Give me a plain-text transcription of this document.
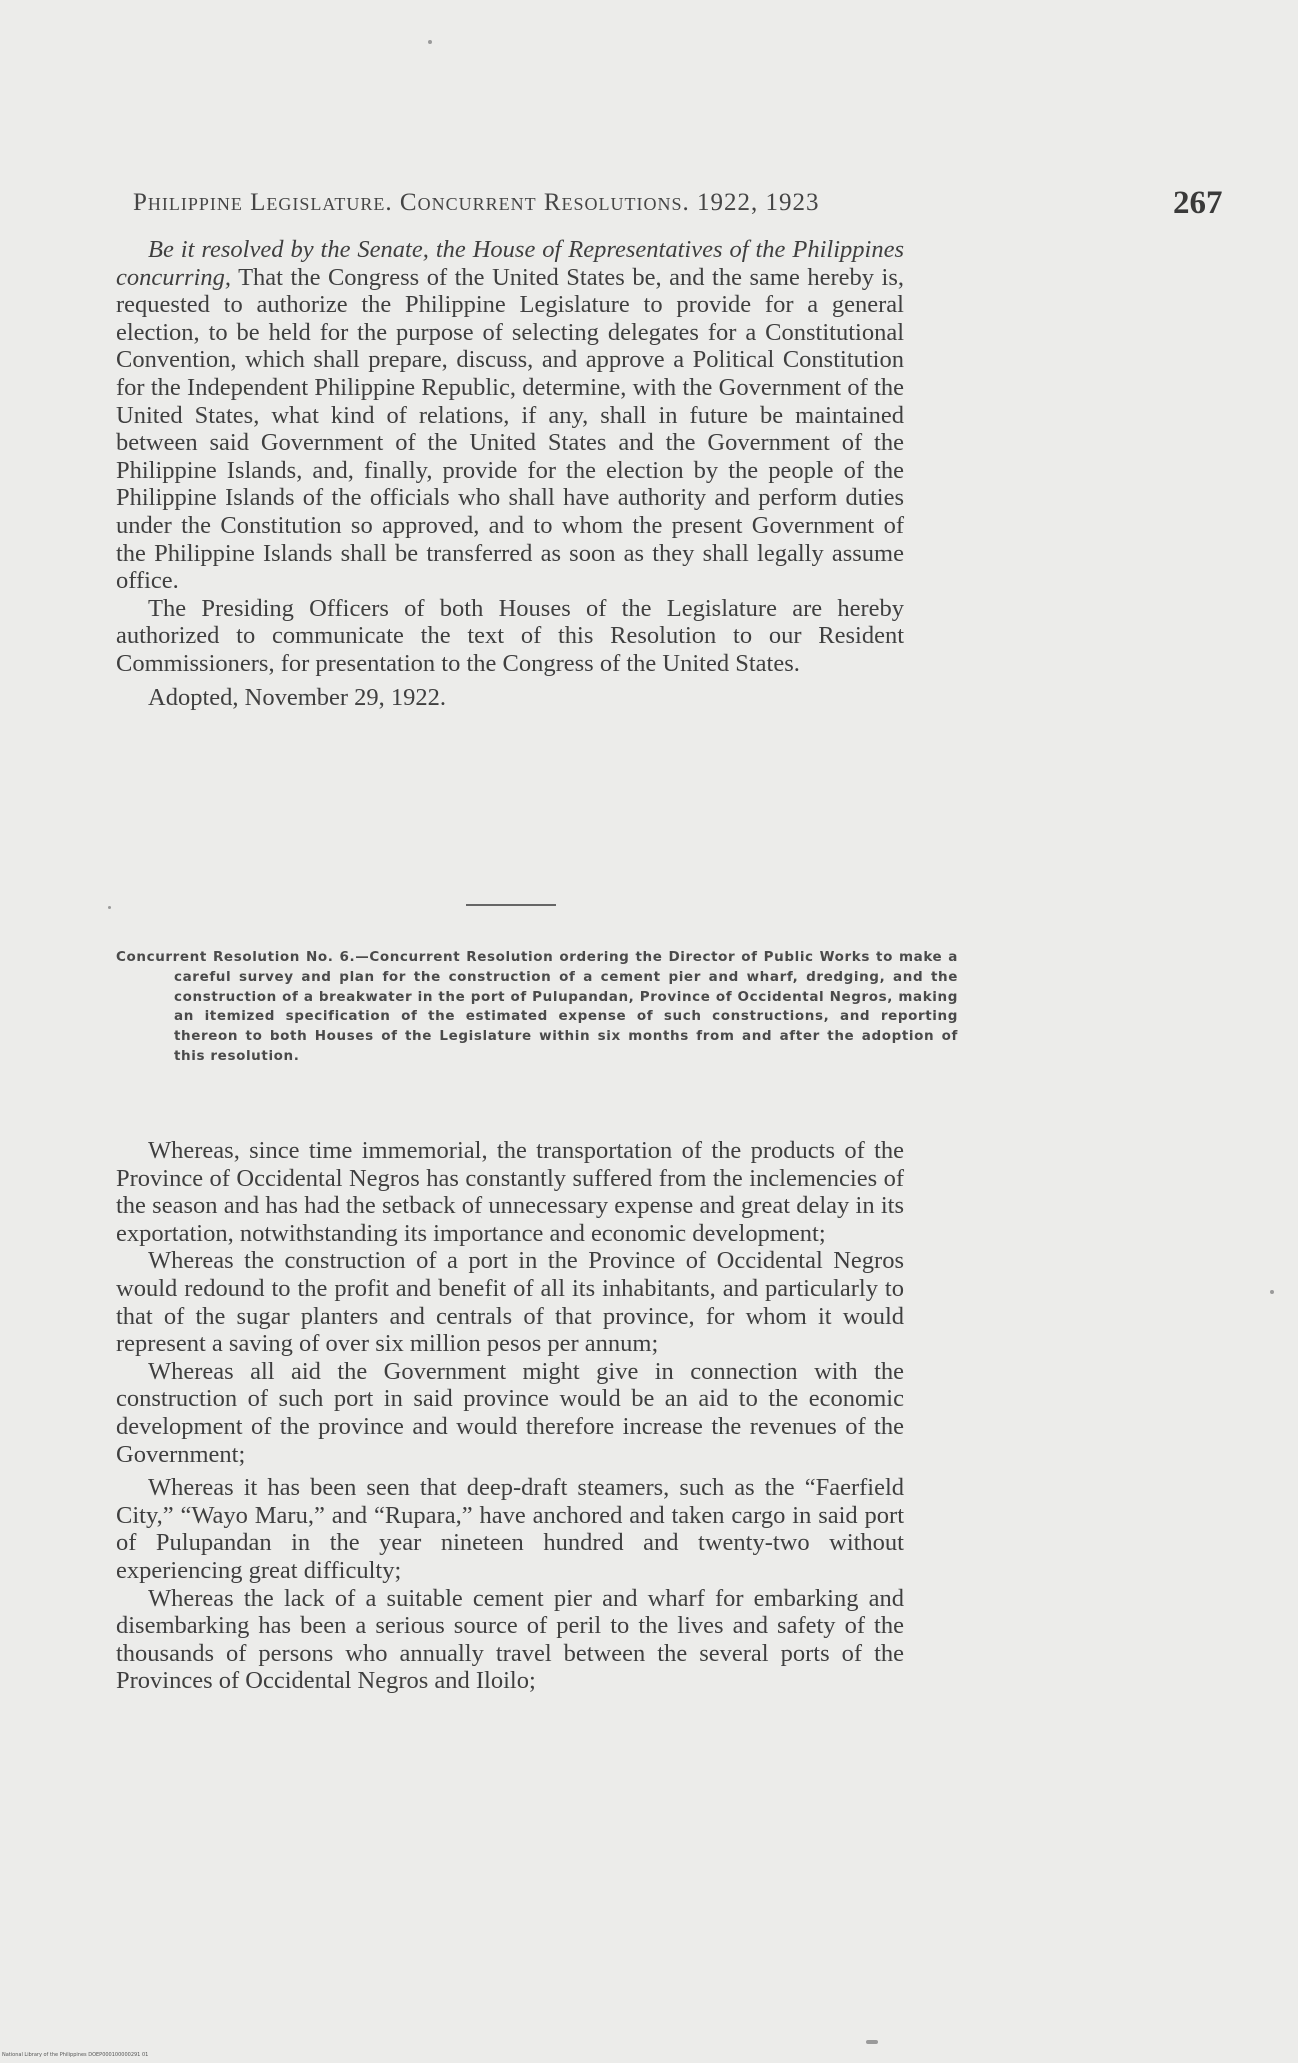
Philippine Legislature. Concurrent Resolutions. 1922, 1923	267

Be it resolved by the Senate, the House of Representatives of the Philippines concurring, That the Congress of the United States be, and the same hereby is, requested to authorize the Philippine Legislature to provide for a general election, to be held for the purpose of selecting delegates for a Constitutional Convention, which shall prepare, discuss, and approve a Political Constitution for the Independent Philippine Republic, determine, with the Government of the United States, what kind of relations, if any, shall in future be maintained between said Government of the United States and the Government of the Philippine Islands, and, finally, provide for the election by the people of the Philippine Islands of the officials who shall have authority and perform duties under the Constitution so approved, and to whom the present Government of the Philippine Islands shall be transferred as soon as they shall legally assume office.

The Presiding Officers of both Houses of the Legislature are hereby authorized to communicate the text of this Resolution to our Resident Commissioners, for presentation to the Congress of the United States.

Adopted, November 29, 1922.

Concurrent Resolution No. 6.—Concurrent Resolution ordering the Director of Public Works to make a careful survey and plan for the construction of a cement pier and wharf, dredging, and the construction of a breakwater in the port of Pulupandan, Province of Occidental Negros, making an itemized specification of the estimated expense of such constructions, and reporting thereon to both Houses of the Legislature within six months from and after the adoption of this resolution.

Whereas, since time immemorial, the transportation of the products of the Province of Occidental Negros has constantly suffered from the inclemencies of the season and has had the setback of unnecessary expense and great delay in its exportation, notwithstanding its importance and economic development;

Whereas the construction of a port in the Province of Occidental Negros would redound to the profit and benefit of all its inhabitants, and particularly to that of the sugar planters and centrals of that province, for whom it would represent a saving of over six million pesos per annum;

Whereas all aid the Government might give in connection with the construction of such port in said province would be an aid to the economic development of the province and would therefore increase the revenues of the Government;

Whereas it has been seen that deep-draft steamers, such as the “Faerfield City,” “Wayo Maru,” and “Rupara,” have anchored and taken cargo in said port of Pulupandan in the year nineteen hundred and twenty-two without experiencing great difficulty;

Whereas the lack of a suitable cement pier and wharf for embarking and disembarking has been a serious source of peril to the lives and safety of the thousands of persons who annually travel between the several ports of the Provinces of Occidental Negros and Iloilo;

National Library of the Philippines DOEP000100000291 01
